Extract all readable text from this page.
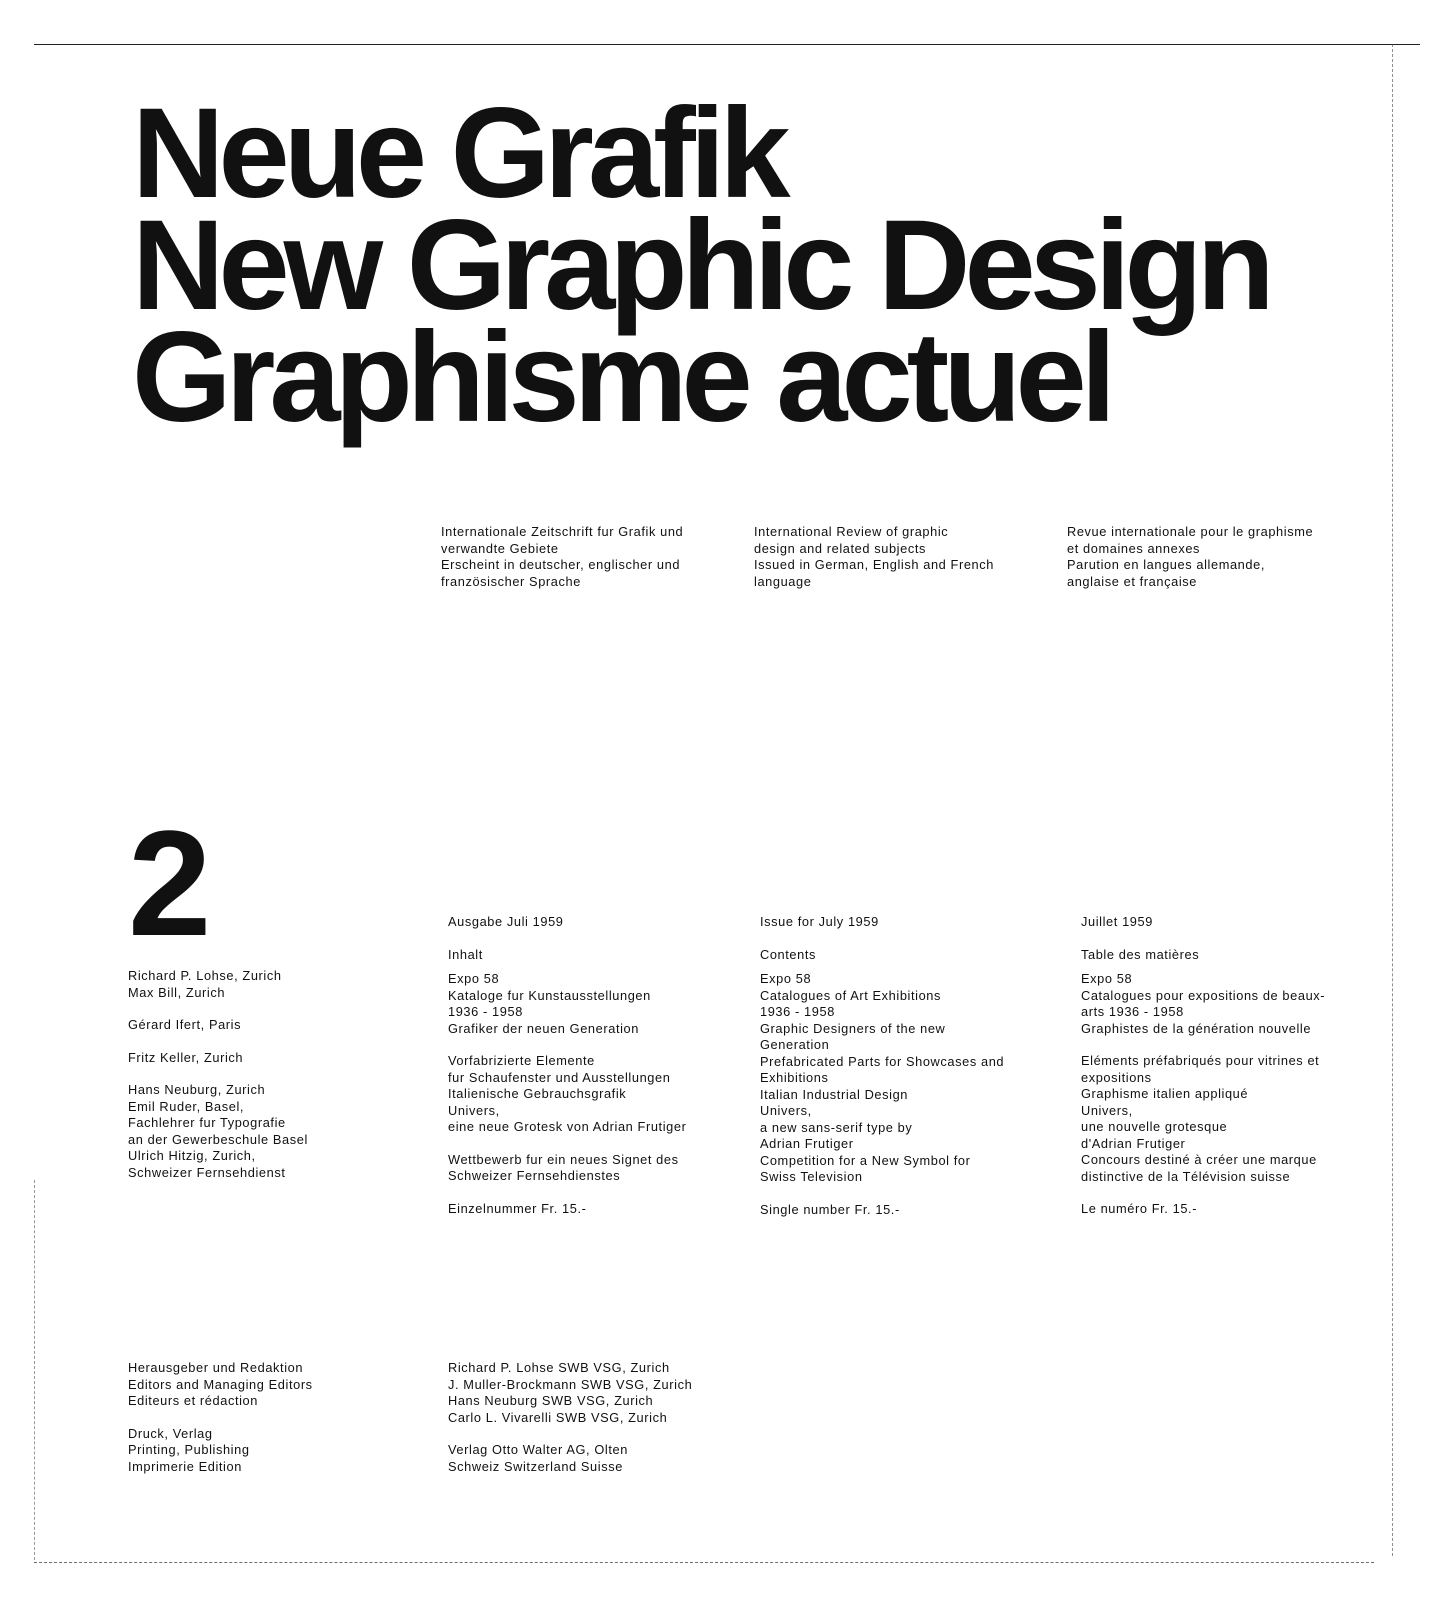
Neue Grafik
New Graphic Design
Graphisme actuel

Internationale Zeitschrift fur Grafik und

verwandte Gebiete

Erscheint in deutscher, englischer und

französischer Sprache

International Review of graphic

design and related subjects

Issued in German, English and French

language

Revue internationale pour le graphisme

et domaines annexes

Parution en langues allemande,

anglaise et française

2

Richard P. Lohse, Zurich

Max Bill, Zurich

Gérard Ifert, Paris

Fritz Keller, Zurich

Hans Neuburg, Zurich

Emil Ruder, Basel,

Fachlehrer fur Typografie

an der Gewerbeschule Basel

Ulrich Hitzig, Zurich,

Schweizer Fernsehdienst

Ausgabe Juli 1959

Inhalt

Expo 58

Kataloge fur Kunstausstellungen

1936 - 1958

Grafiker der neuen Generation

Vorfabrizierte Elemente

fur Schaufenster und Ausstellungen

Italienische Gebrauchsgrafik

Univers,

eine neue Grotesk von Adrian Frutiger

Wettbewerb fur ein neues Signet des

Schweizer Fernsehdienstes

Einzelnummer Fr. 15.-

Issue for July 1959

Contents

Expo 58

Catalogues of Art Exhibitions

1936 - 1958

Graphic Designers of the new

Generation

Prefabricated Parts for Showcases and

Exhibitions

Italian Industrial Design

Univers,

a new sans-serif type by

Adrian Frutiger

Competition for a New Symbol for

Swiss Television

Single number Fr. 15.-

Juillet 1959

Table des matières

Expo 58

Catalogues pour expositions de beaux-

arts 1936 - 1958

Graphistes de la génération nouvelle

Eléments préfabriqués pour vitrines et

expositions

Graphisme italien appliqué

Univers,

une nouvelle grotesque

d'Adrian Frutiger

Concours destiné à créer une marque

distinctive de la Télévision suisse

Le numéro Fr. 15.-

Herausgeber und Redaktion

Editors and Managing Editors

Editeurs et rédaction

Druck, Verlag

Printing, Publishing

Imprimerie Edition

Richard P. Lohse SWB VSG, Zurich

J. Muller-Brockmann SWB VSG, Zurich

Hans Neuburg SWB VSG, Zurich

Carlo L. Vivarelli SWB VSG, Zurich

Verlag Otto Walter AG, Olten

Schweiz Switzerland Suisse
